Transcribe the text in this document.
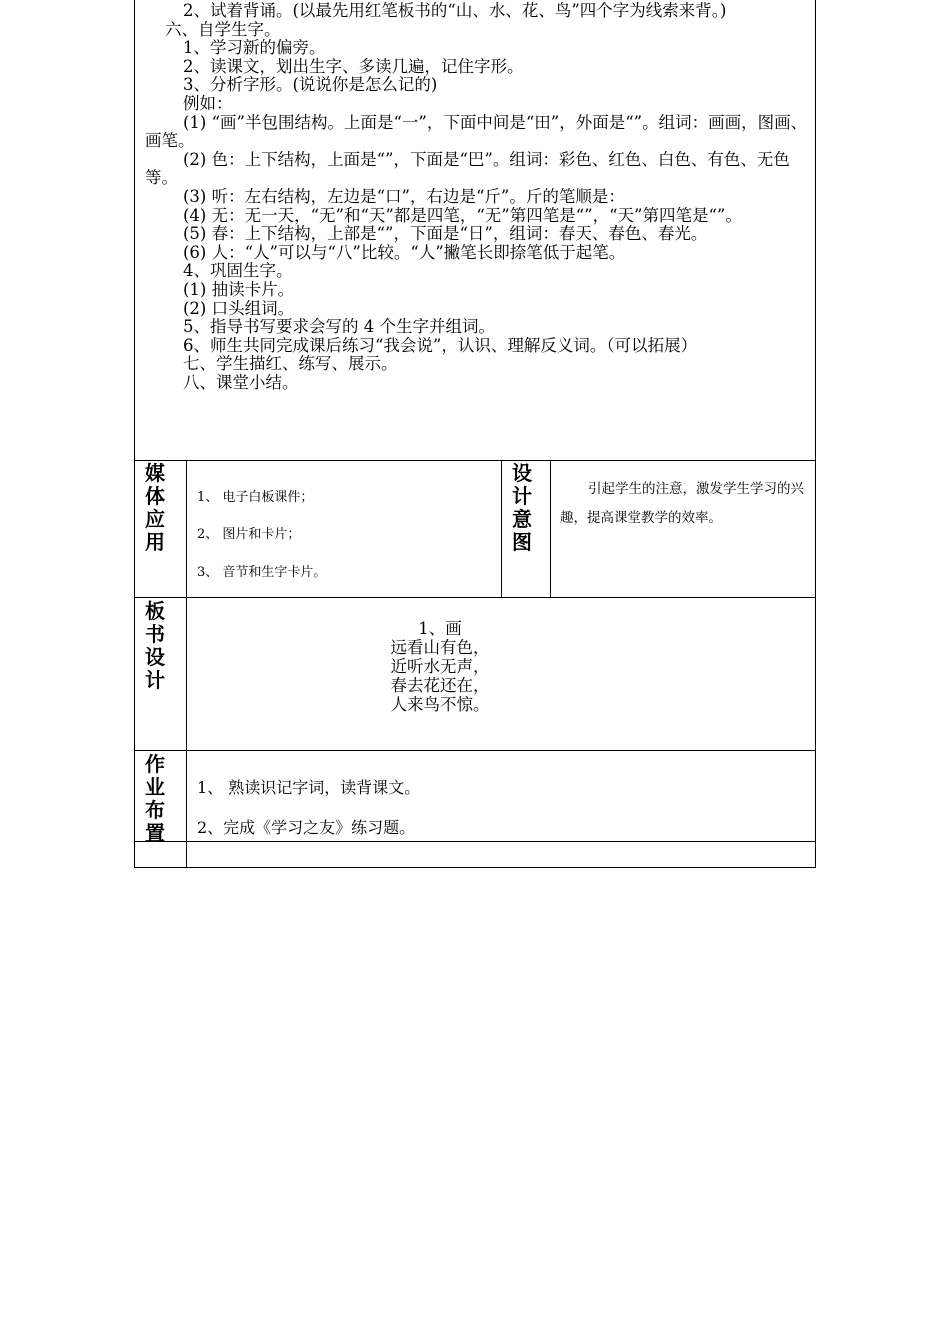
2、试着背诵。(以最先用红笔板书的“山、水、花、鸟”四个字为线索来背。)
六、自学生字。
1、学习新的偏旁。
2、读课文，划出生字、多读几遍，记住字形。
3、分析字形。(说说你是怎么记的)
例如：
(1) “画”半包围结构。上面是“一”，下面中间是“田”，外面是“”。组词：画画，图画、画笔。
(2) 色：上下结构，上面是“”，下面是“巴”。组词：彩色、红色、白色、有色、无色等。
(3) 听：左右结构，左边是“口”，右边是“斤”。斤的笔顺是：
(4) 无：无一天，“无”和“天”都是四笔，“无”第四笔是“”，“天”第四笔是“”。
(5) 春：上下结构，上部是“”，下面是“日”，组词：春天、春色、春光。
(6) 人：“人”可以与“八”比较。“人”撇笔长即捺笔低于起笔。
4、巩固生字。
(1) 抽读卡片。
(2) 口头组词。
5、指导书写要求会写的 4 个生字并组词。
6、师生共同完成课后练习“我会说”，认识、理解反义词。（可以拓展）
七、学生描红、练写、展示。
八、课堂小结。
媒
体
应
用
1、 电子白板课件；
2、 图片和卡片；
3、 音节和生字卡片。
设
计
意
图
引起学生的注意，激发学生学习的兴趣，提高课堂教学的效率。
板
书
设
计
1、画
远看山有色，
近听水无声，
春去花还在，
人来鸟不惊。
作
业
布
置
1、 熟读识记字词，读背课文。
2、完成《学习之友》练习题。
